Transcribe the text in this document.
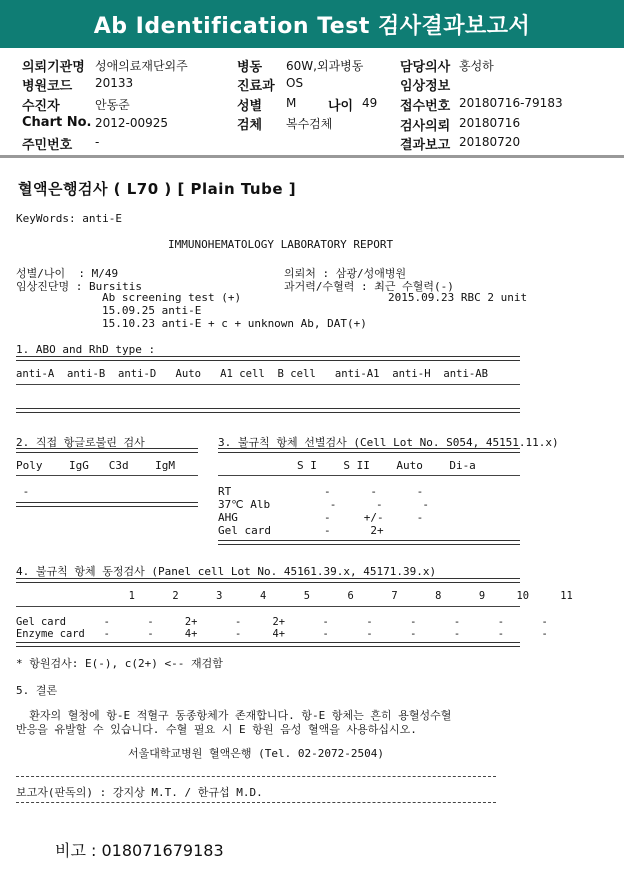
Ab Identification Test 검사결과보고서
의뢰기관명 성애의료재단외주	병동 60W,외과병동	담당의사 홍성하
병원코드 20133	진료과 OS	임상정보
수진자	안동준	성별 M 나이 49 접수번호 20180716-79183
Chart No. 2012-00925	검체 복수검체	검사의뢰 20180716
주민번호 -	결과보고 20180720
혈액은행검사 ( L70 ) [ Plain Tube ]
KeyWords: anti-E
IMMUNOHEMATOLOGY LABORATORY REPORT
성별/나이  : M/49	의뢰처 : 삼광/성애병원
임상진단명 : Bursitis	과거력/수혈력 : 최근 수혈력(-)
Ab screening test (+)	2015.09.23 RBC 2 unit
15.09.25 anti-E
15.10.23 anti-E + c + unknown Ab, DAT(+)
1. ABO and RhD type :
anti-A  anti-B  anti-D   Auto   A1 cell  B cell   anti-A1  anti-H  anti-AB
2. 직접 항글로불린 검사
Poly    IgG   C3d    IgM
-
3. 불규칙 항체 선별검사 (Cell Lot No. S054, 45151.11.x)
S I    S II    Auto    Di-a
RT              -      -      -
37℃ Alb         -      -      -
AHG             -     +/-     -
Gel card        -      2+
4. 불규칙 항체 동정검사 (Panel cell Lot No. 45161.39.x, 45171.39.x)
1      2      3      4      5      6      7      8      9     10     11
Gel card      -      -     2+      -     2+      -      -      -      -      -      -
Enzyme card   -      -     4+      -     4+      -      -      -      -      -      -
* 항원검사: E(-), c(2+) <-- 재검함
5. 결론
환자의 혈청에 항-E 적혈구 동종항체가 존재합니다. 항-E 항체는 흔히 용혈성수혈
반응을 유발할 수 있습니다. 수혈 필요 시 E 항원 음성 혈액을 사용하십시오.
서울대학교병원 혈액은행 (Tel. 02-2072-2504)
보고자(판독의) : 강지상 M.T. / 한규섭 M.D.
비고 : 018071679183
